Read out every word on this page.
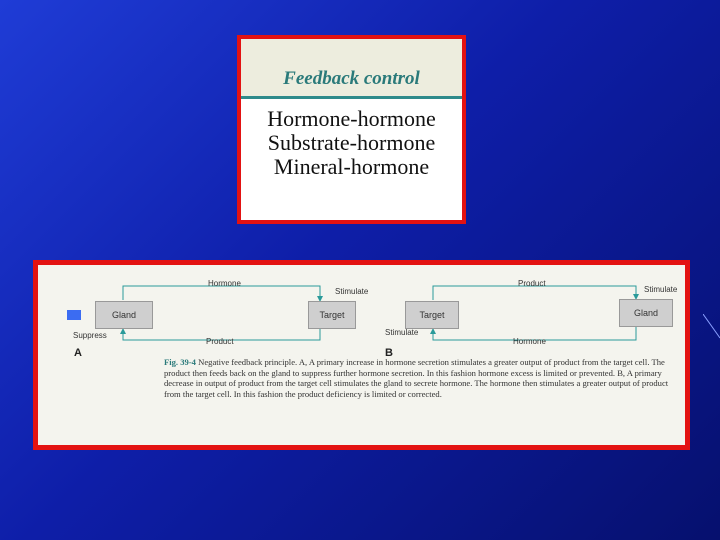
Feedback control
Hormone-hormone
Substrate-hormone
Mineral-hormone
Gland	Target
Hormone
Stimulate
Product
Suppress
A
Target	Gland
Product
Stimulate
Stimulate
Hormone
B

Fig. 39-4 Negative feedback principle. A, A primary increase in hormone secretion stimulates a greater output of product from the target cell. The product then feeds back on the gland to suppress further hormone secretion. In this fashion hormone excess is limited or prevented. B, A primary decrease in output of product from the target cell stimulates the gland to secrete hormone. The hormone then stimulates a greater output of product from the target cell. In this fashion the product deficiency is limited or corrected.
